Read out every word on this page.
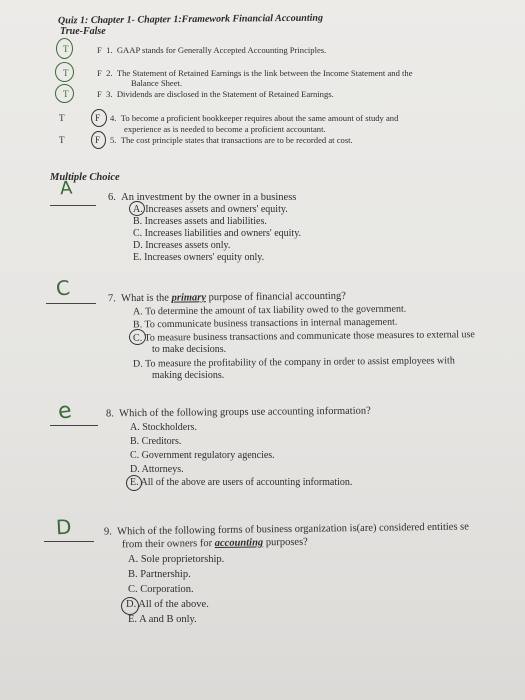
Quiz 1: Chapter 1- Chapter 1:Framework Financial Accounting
True-False
T	F 1. GAAP stands for Generally Accepted Accounting Principles.
T	F 2. The Statement of Retained Earnings is the link between the Income Statement and the
Balance Sheet.
T	F 3. Dividends are disclosed in the Statement of Retained Earnings.
T	F 4. To become a proficient bookkeeper requires about the same amount of study and
experience as is needed to become a proficient accountant.
T	F 5. The cost principle states that transactions are to be recorded at cost.
Multiple Choice
A	6. An investment by the owner in a business
A. Increases assets and owners' equity.
B. Increases assets and liabilities.
C. Increases liabilities and owners' equity.
D. Increases assets only.
E. Increases owners' equity only.
C	7. What is the primary purpose of financial accounting?
A. To determine the amount of tax liability owed to the government.
B. To communicate business transactions in internal management.
C. To measure business transactions and communicate those measures to external use
to make decisions.
D. To measure the profitability of the company in order to assist employees with
making decisions.
e	8. Which of the following groups use accounting information?
A. Stockholders.
B. Creditors.
C. Government regulatory agencies.
D. Attorneys.
E. All of the above are users of accounting information.
D	9. Which of the following forms of business organization is(are) considered entities se
from their owners for accounting purposes?
A. Sole proprietorship.
B. Partnership.
C. Corporation.
D. All of the above.
E. A and B only.
